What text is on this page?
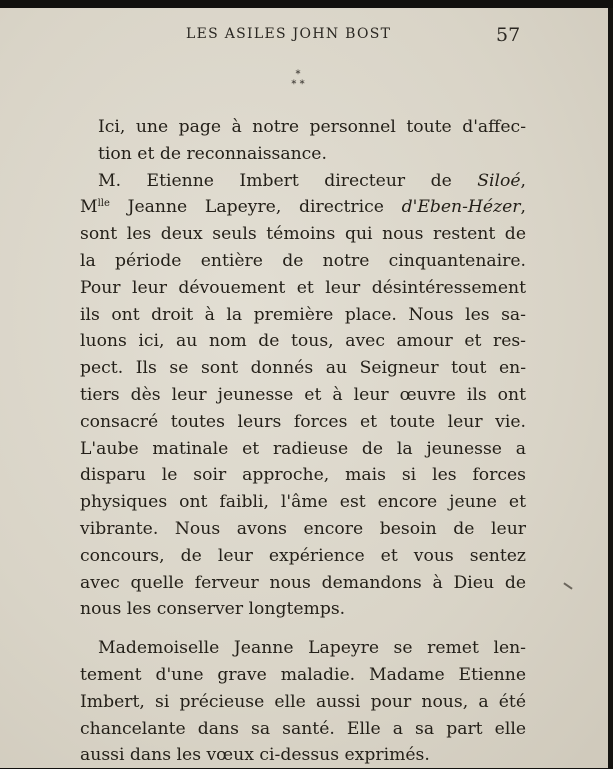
LES ASILES JOHN BOST	57
*
* *

Ici, une page à notre personnel toute d'affec-
tion et de reconnaissance.

M. Etienne Imbert directeur de Siloé,
$M^{lle}$ Jeanne Lapeyre, directrice d'Eben-Hézer,
sont les deux seuls témoins qui nous restent de
la période entière de notre cinquantenaire.
Pour leur dévouement et leur désintéressement
ils ont droit à la première place. Nous les sa-
luons ici, au nom de tous, avec amour et res-
pect. Ils se sont donnés au Seigneur tout en-
tiers dès leur jeunesse et à leur œuvre ils ont
consacré toutes leurs forces et toute leur vie.
L'aube matinale et radieuse de la jeunesse a
disparu le soir approche, mais si les forces
physiques ont faibli, l'âme est encore jeune et
vibrante. Nous avons encore besoin de leur
concours, de leur expérience et vous sentez
avec quelle ferveur nous demandons à Dieu de
nous les conserver longtemps.

Mademoiselle Jeanne Lapeyre se remet len-
tement d'une grave maladie. Madame Etienne
Imbert, si précieuse elle aussi pour nous, a été
chancelante dans sa santé. Elle a sa part elle
aussi dans les vœux ci-dessus exprimés.
